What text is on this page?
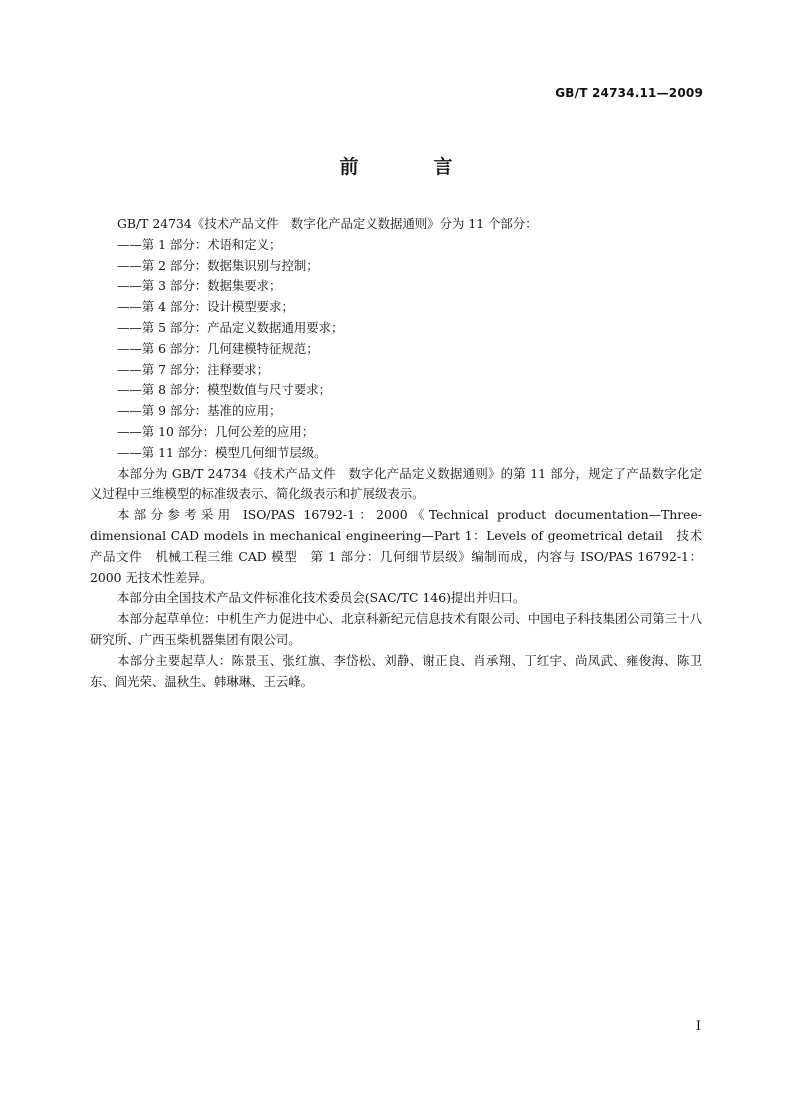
GB/T 24734.11—2009
前　言

GB/T 24734《技术产品文件　数字化产品定义数据通则》分为 11 个部分：

——第 1 部分：术语和定义；
——第 2 部分：数据集识别与控制；
——第 3 部分：数据集要求；
——第 4 部分：设计模型要求；
——第 5 部分：产品定义数据通用要求；
——第 6 部分：几何建模特征规范；
——第 7 部分：注释要求；
——第 8 部分：模型数值与尺寸要求；
——第 9 部分：基准的应用；
——第 10 部分：几何公差的应用；
——第 11 部分：模型几何细节层级。

本部分为 GB/T 24734《技术产品文件　数字化产品定义数据通则》的第 11 部分，规定了产品数字化定义过程中三维模型的标准级表示、简化级表示和扩展级表示。

本部分参考采用 ISO/PAS 16792-1：2000《Technical product documentation—Three-dimensional CAD models in mechanical engineering—Part 1：Levels of geometrical detail　技术产品文件　机械工程三维 CAD 模型　第 1 部分：几何细节层级》编制而成，内容与 ISO/PAS 16792-1：2000 无技术性差异。

本部分由全国技术产品文件标准化技术委员会(SAC/TC 146)提出并归口。

本部分起草单位：中机生产力促进中心、北京科新纪元信息技术有限公司、中国电子科技集团公司第三十八研究所、广西玉柴机器集团有限公司。

本部分主要起草人：陈景玉、张红旗、李岱松、刘静、谢正良、肖承翔、丁红宇、尚凤武、雍俊海、陈卫东、阎光荣、温秋生、韩琳琳、王云峰。

I
